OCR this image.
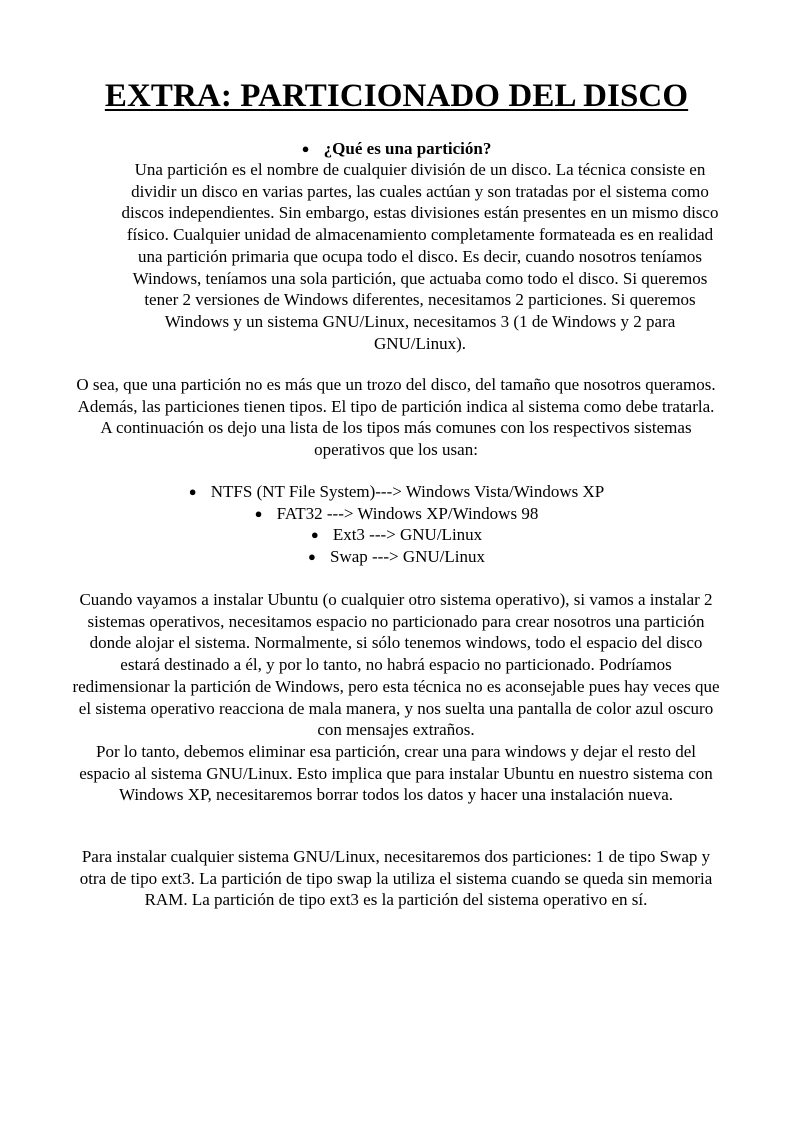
EXTRA: PARTICIONADO DEL DISCO
● ¿Qué es una partición?

Una partición es el nombre de cualquier división de un disco. La técnica consiste en dividir un disco en varias partes, las cuales actúan y son tratadas por el sistema como discos independientes. Sin embargo, estas divisiones están presentes en un mismo disco físico. Cualquier unidad de almacenamiento completamente formateada es en realidad una partición primaria que ocupa todo el disco. Es decir, cuando nosotros teníamos Windows, teníamos una sola partición, que actuaba como todo el disco. Si queremos tener 2 versiones de Windows diferentes, necesitamos 2 particiones. Si queremos Windows y un sistema GNU/Linux, necesitamos 3 (1 de Windows y 2 para GNU/Linux).

O sea, que una partición no es más que un trozo del disco, del tamaño que nosotros queramos. Además, las particiones tienen tipos. El tipo de partición indica al sistema como debe tratarla. A continuación os dejo una lista de los tipos más comunes con los respectivos sistemas operativos que los usan:

● NTFS (NT File System)---> Windows Vista/Windows XP
● FAT32 ---> Windows XP/Windows 98
● Ext3 ---> GNU/Linux
● Swap ---> GNU/Linux
Cuando vayamos a instalar Ubuntu (o cualquier otro sistema operativo), si vamos a instalar 2 sistemas operativos, necesitamos espacio no particionado para crear nosotros una partición donde alojar el sistema. Normalmente, si sólo tenemos windows, todo el espacio del disco estará destinado a él, y por lo tanto, no habrá espacio no particionado. Podríamos redimensionar la partición de Windows, pero esta técnica no es aconsejable pues hay veces que el sistema operativo reacciona de mala manera, y nos suelta una pantalla de color azul oscuro con mensajes extraños.
Por lo tanto, debemos eliminar esa partición, crear una para windows y dejar el resto del espacio al sistema GNU/Linux. Esto implica que para instalar Ubuntu en nuestro sistema con Windows XP, necesitaremos borrar todos los datos y hacer una instalación nueva.

Para instalar cualquier sistema GNU/Linux, necesitaremos dos particiones: 1 de tipo Swap y otra de tipo ext3. La partición de tipo swap la utiliza el sistema cuando se queda sin memoria RAM. La partición de tipo ext3 es la partición del sistema operativo en sí.
